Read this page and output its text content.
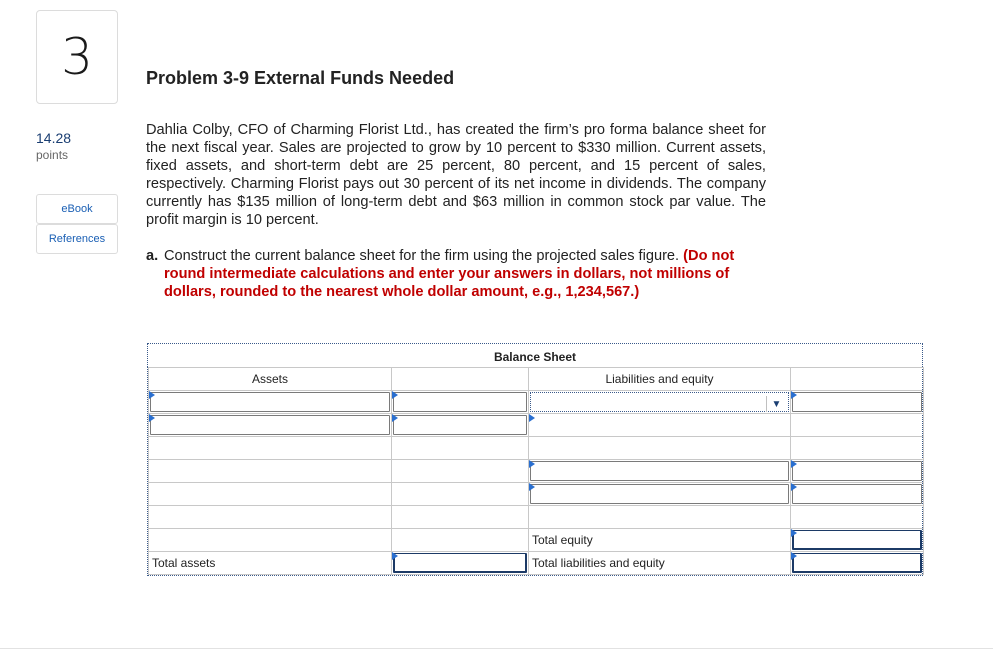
3
14.28
points
eBook
References
Problem 3-9 External Funds Needed

Dahlia Colby, CFO of Charming Florist Ltd., has created the firm’s pro forma balance sheet for the next fiscal year. Sales are projected to grow by 10 percent to $330 million. Current assets, fixed assets, and short-term debt are 25 percent, 80 percent, and 15 percent of sales, respectively. Charming Florist pays out 30 percent of its net income in dividends. The company currently has $135 million of long-term debt and $63 million in common stock par value. The profit margin is 10 percent.

a. Construct the current balance sheet for the firm using the projected sales figure. (Do not round intermediate calculations and enter your answers in dollars, not millions of dollars, rounded to the nearest whole dollar amount, e.g., 1,234,567.)
Balance Sheet
Assets		Liabilities and equity	

▼	

		Total equity	

Total assets		Total liabilities and equity	
